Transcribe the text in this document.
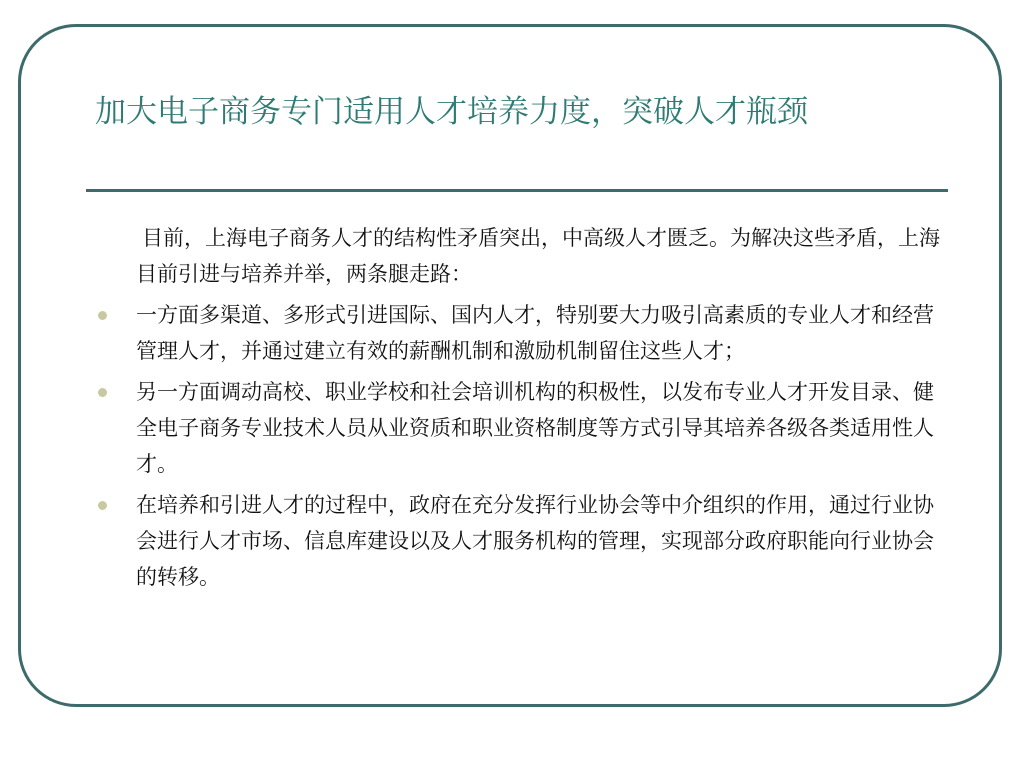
加大电子商务专门适用人才培养力度，突破人才瓶颈

目前，上海电子商务人才的结构性矛盾突出，中高级人才匮乏。为解决这些矛盾，上海目前引进与培养并举，两条腿走路：

一方面多渠道、多形式引进国际、国内人才，特别要大力吸引高素质的专业人才和经营管理人才，并通过建立有效的薪酬机制和激励机制留住这些人才；
另一方面调动高校、职业学校和社会培训机构的积极性，以发布专业人才开发目录、健全电子商务专业技术人员从业资质和职业资格制度等方式引导其培养各级各类适用性人才。
在培养和引进人才的过程中，政府在充分发挥行业协会等中介组织的作用，通过行业协会进行人才市场、信息库建设以及人才服务机构的管理，实现部分政府职能向行业协会的转移。
